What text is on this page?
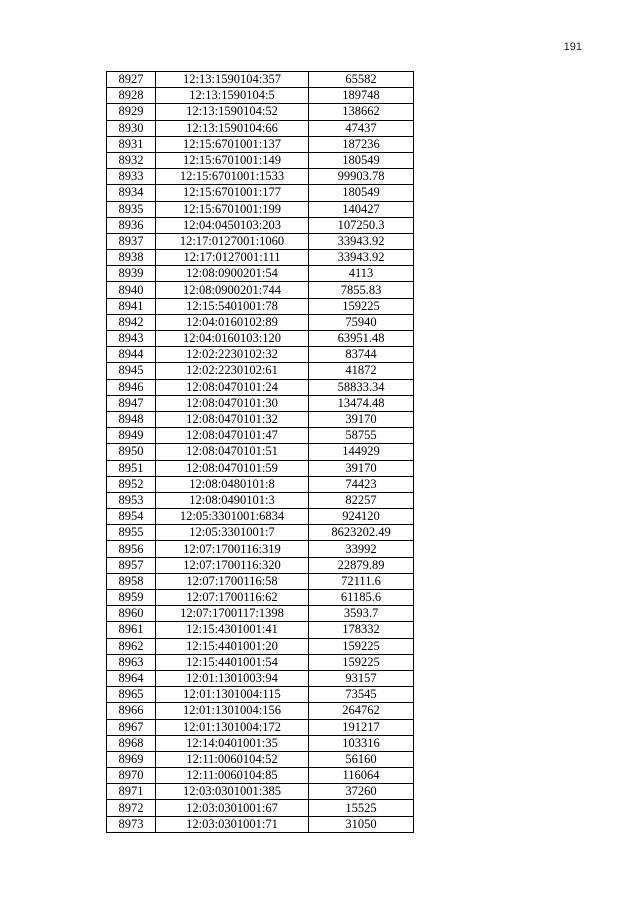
191
8927	12:13:1590104:357	65582
8928	12:13:1590104:5	189748
8929	12:13:1590104:52	138662
8930	12:13:1590104:66	47437
8931	12:15:6701001:137	187236
8932	12:15:6701001:149	180549
8933	12:15:6701001:1533	99903.78
8934	12:15:6701001:177	180549
8935	12:15:6701001:199	140427
8936	12:04:0450103:203	107250.3
8937	12:17:0127001:1060	33943.92
8938	12:17:0127001:111	33943.92
8939	12:08:0900201:54	4113
8940	12:08:0900201:744	7855.83
8941	12:15:5401001:78	159225
8942	12:04:0160102:89	75940
8943	12:04:0160103:120	63951.48
8944	12:02:2230102:32	83744
8945	12:02:2230102:61	41872
8946	12:08:0470101:24	58833.34
8947	12:08:0470101:30	13474.48
8948	12:08:0470101:32	39170
8949	12:08:0470101:47	58755
8950	12:08:0470101:51	144929
8951	12:08:0470101:59	39170
8952	12:08:0480101:8	74423
8953	12:08:0490101:3	82257
8954	12:05:3301001:6834	924120
8955	12:05:3301001:7	8623202.49
8956	12:07:1700116:319	33992
8957	12:07:1700116:320	22879.89
8958	12:07:1700116:58	72111.6
8959	12:07:1700116:62	61185.6
8960	12:07:1700117:1398	3593.7
8961	12:15:4301001:41	178332
8962	12:15:4401001:20	159225
8963	12:15:4401001:54	159225
8964	12:01:1301003:94	93157
8965	12:01:1301004:115	73545
8966	12:01:1301004:156	264762
8967	12:01:1301004:172	191217
8968	12:14:0401001:35	103316
8969	12:11:0060104:52	56160
8970	12:11:0060104:85	116064
8971	12:03:0301001:385	37260
8972	12:03:0301001:67	15525
8973	12:03:0301001:71	31050
